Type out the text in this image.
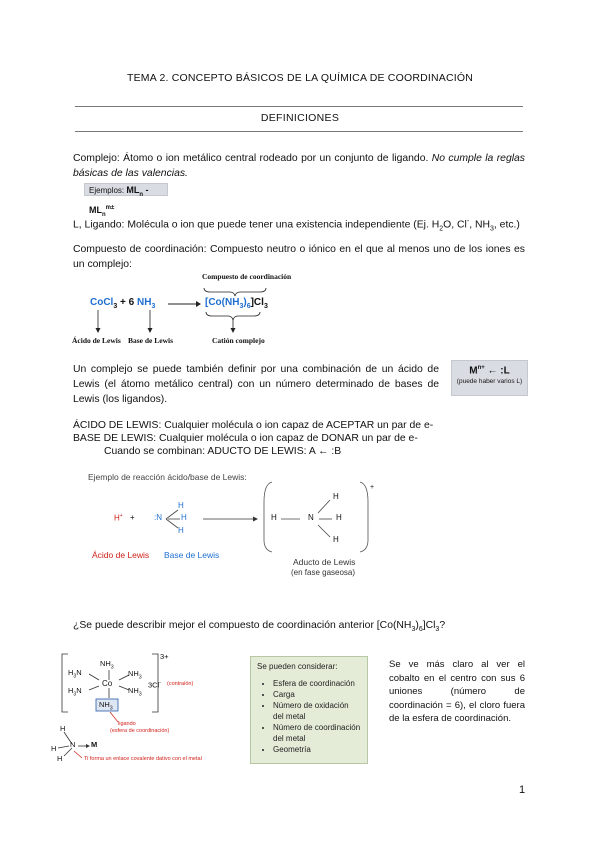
TEMA 2. CONCEPTO BÁSICOS DE LA QUÍMICA DE COORDINACIÓN
DEFINICIONES
Complejo: Átomo o ion metálico central rodeado por un conjunto de ligando. No cumple la reglas básicas de las valencias.
Ejemplos: $ML_n - ML_n^{m\pm}$
L, Ligando: Molécula o ion que puede tener una existencia independiente (Ej. $H_2O$, Cl-, $NH_3$, etc.)
Compuesto de coordinación: Compuesto neutro o iónico en el que al menos uno de los iones es un complejo:
Compuesto de coordinación
CoCl$_3$ + 6 $NH_3$	$[Co(NH_3)_6]Cl_3$
Ácido de Lewis Base de Lewis	Catión complejo
Un complejo se puede también definir por una combinación de un ácido de Lewis (el átomo metálico central) con un número determinado de bases de Lewis (los ligandos).
$M^{n+}$ ← :L
(puede haber varios L)
ÁCIDO DE LEWIS: Cualquier molécula o ion capaz de ACEPTAR un par de e-
BASE DE LEWIS: Cualquier molécula o ion capaz de DONAR un par de e-
Cuando se combinan: ADUCTO DE LEWIS: A ← :B
Ejemplo de reacción ácido/base de Lewis:
H+ + :N
H
H
H
H	N
H
H
H
+
Ácido de Lewis Base de Lewis
Aducto de Lewis
(en fase gaseosa)
¿Se puede describir mejor el compuesto de coordinación anterior $[Co(NH_3)_6]Cl_3$?
$NH_3$
$H_3N$
$H_3N$
Co
$NH_3$
$NH_3$
$NH_3$
3+
3Cl- (contraión)
ligando
(esfera de coordinación)
H
H
H
N M
Ti forma un enlace covalente dativo con el metal
Se pueden considerar:
• Esfera de coordinación
• Carga
• Número de oxidación del metal
• Número de coordinación del metal
• Geometría
Se ve más claro al ver el cobalto en el centro con sus 6 uniones (número de coordinación = 6), el cloro fuera de la esfera de coordinación.
1
